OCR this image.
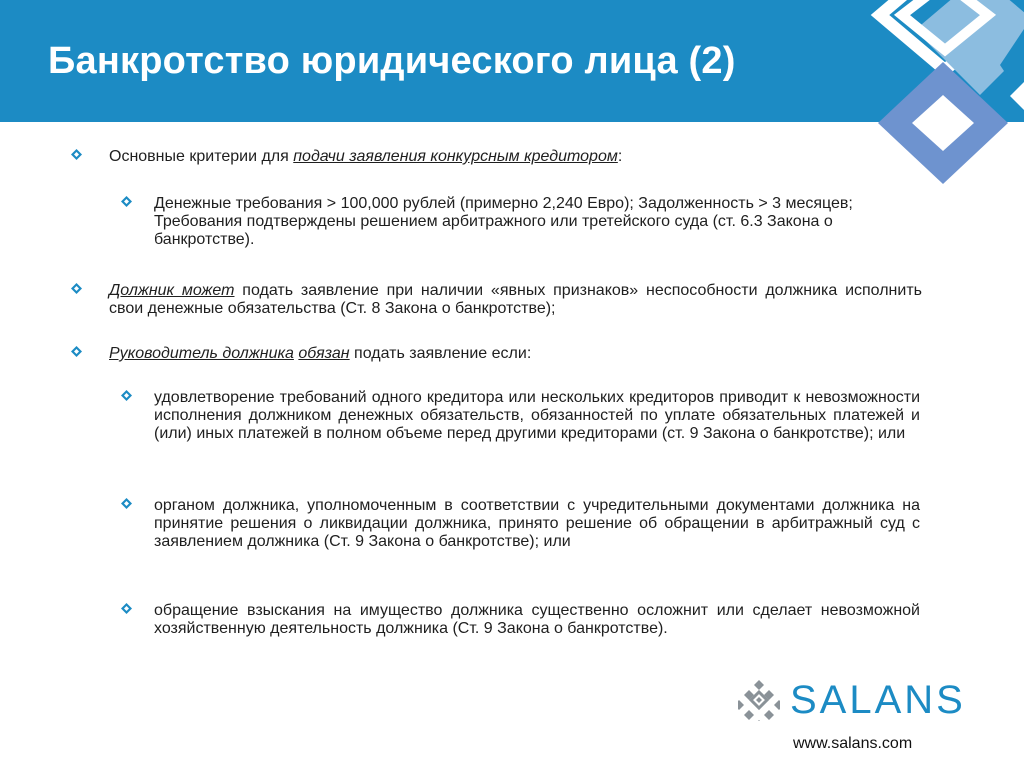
Банкротство юридического лица (2)
Основные критерии для подачи заявления конкурсным кредитором:
Денежные требования > 100,000 рублей (примерно 2,240 Евро); Задолженность > 3 месяцев; Требования подтверждены решением арбитражного или третейского суда (ст. 6.3 Закона о банкротстве).
Должник может подать заявление при наличии «явных признаков» неспособности должника исполнить свои денежные обязательства (Ст. 8 Закона о банкротстве);
Руководитель должника обязан подать заявление если:
удовлетворение требований одного кредитора или нескольких кредиторов приводит к невозможности исполнения должником денежных обязательств, обязанностей по уплате обязательных платежей и (или) иных платежей в полном объеме перед другими кредиторами (ст. 9 Закона о банкротстве); или
органом должника, уполномоченным в соответствии с учредительными документами должника на принятие решения о ликвидации должника, принято решение об обращении в арбитражный суд с заявлением должника (Ст. 9 Закона о банкротстве); или
обращение взыскания на имущество должника существенно осложнит или сделает невозможной хозяйственную деятельность должника (Ст. 9 Закона о банкротстве).
SALANS
www.salans.com
